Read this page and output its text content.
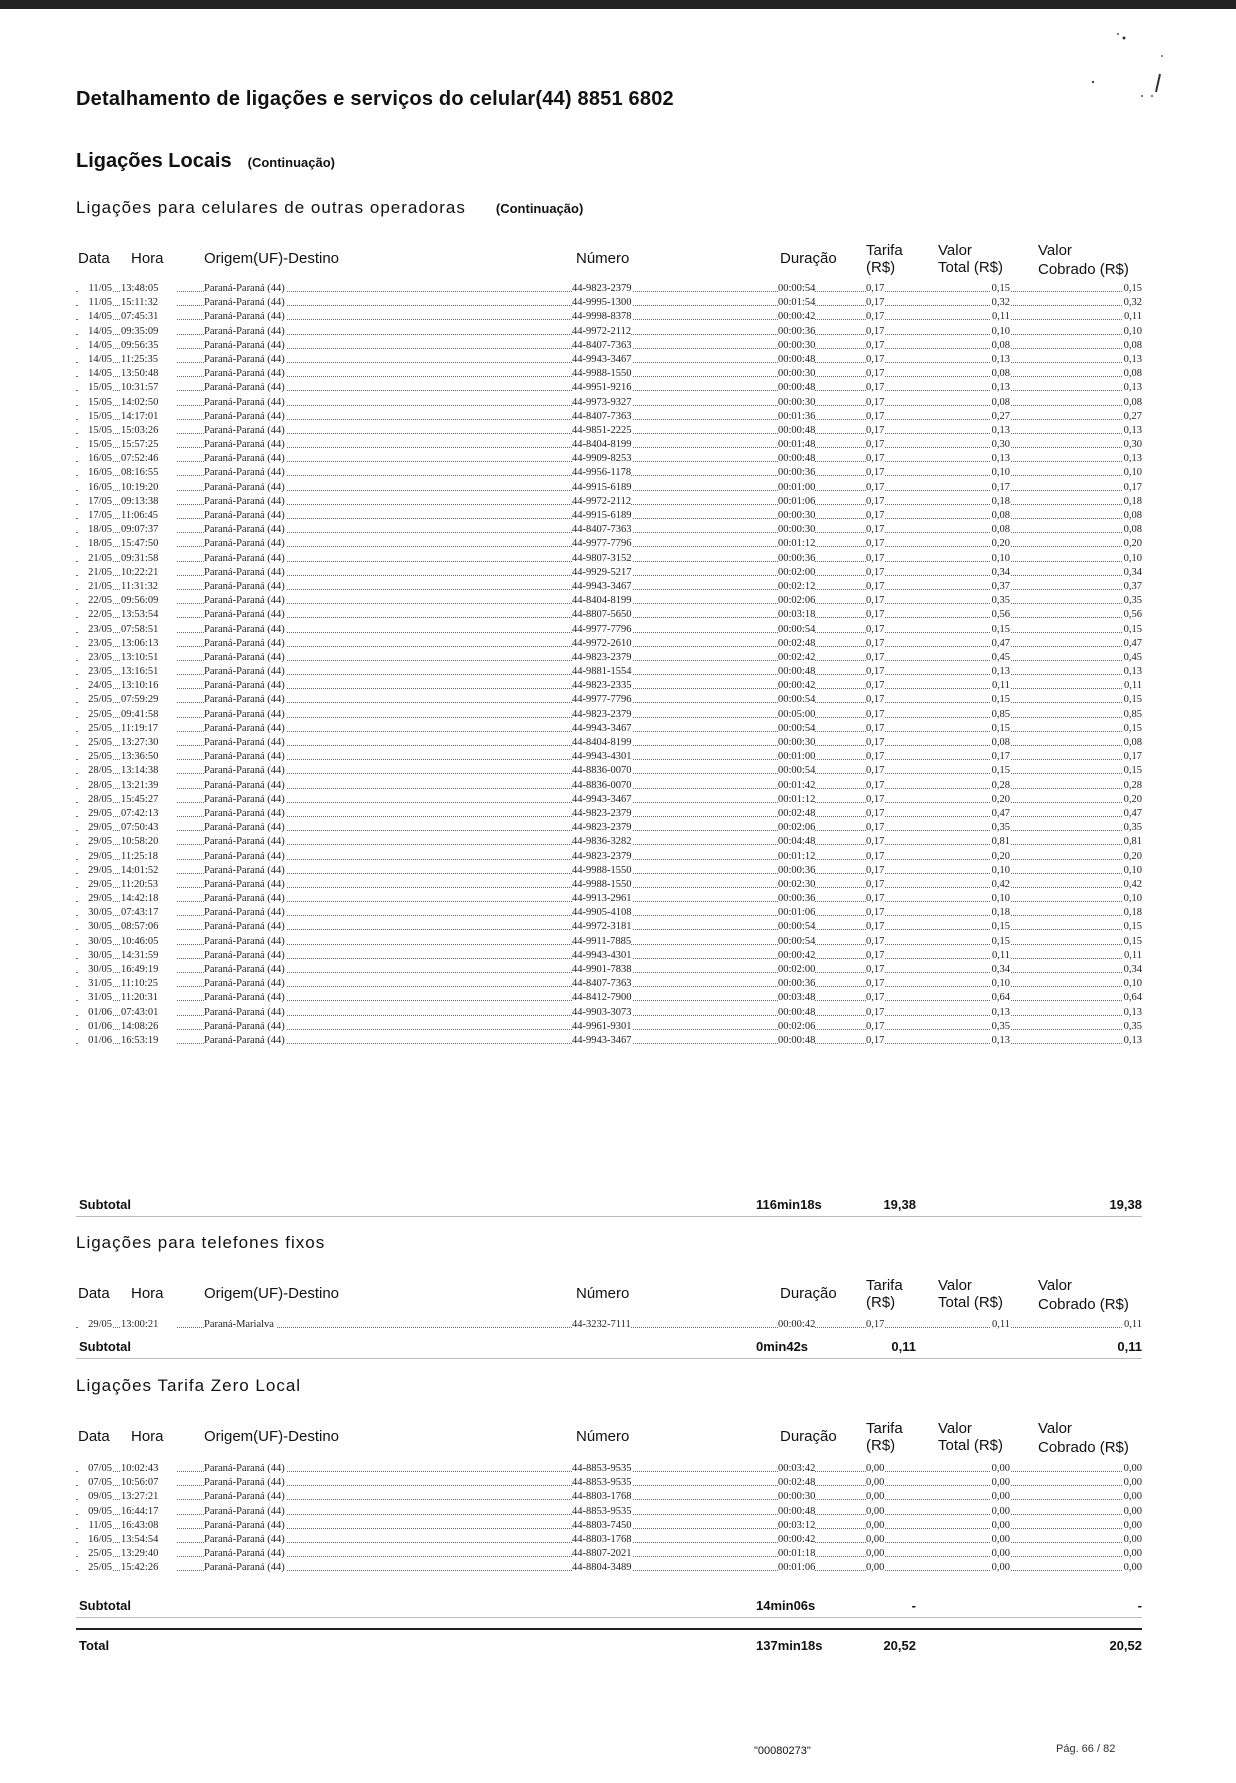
Detalhamento de ligações e serviços do celular(44) 8851 6802
Ligações Locais (Continuação)
Ligações para celulares de outras operadoras (Continuação)
Data Hora	Origem(UF)-Destino	Número	Duração Tarifa
(R$)
Valor
Total (R$)
Valor
Cobrado (R$)
11/05 13:48:05	Paraná-Paraná (44)	44-9823-2379	00:00:54	0,17	0,15	0,15
11/05 15:11:32	Paraná-Paraná (44)	44-9995-1300	00:01:54	0,17	0,32	0,32
14/05 07:45:31	Paraná-Paraná (44)	44-9998-8378	00:00:42	0,17	0,11	0,11
14/05 09:35:09	Paraná-Paraná (44)	44-9972-2112	00:00:36	0,17	0,10	0,10
14/05 09:56:35	Paraná-Paraná (44)	44-8407-7363	00:00:30	0,17	0,08	0,08
14/05 11:25:35	Paraná-Paraná (44)	44-9943-3467	00:00:48	0,17	0,13	0,13
14/05 13:50:48	Paraná-Paraná (44)	44-9988-1550	00:00:30	0,17	0,08	0,08
15/05 10:31:57	Paraná-Paraná (44)	44-9951-9216	00:00:48	0,17	0,13	0,13
15/05 14:02:50	Paraná-Paraná (44)	44-9973-9327	00:00:30	0,17	0,08	0,08
15/05 14:17:01	Paraná-Paraná (44)	44-8407-7363	00:01:36	0,17	0,27	0,27
15/05 15:03:26	Paraná-Paraná (44)	44-9851-2225	00:00:48	0,17	0,13	0,13
15/05 15:57:25	Paraná-Paraná (44)	44-8404-8199	00:01:48	0,17	0,30	0,30
16/05 07:52:46	Paraná-Paraná (44)	44-9909-8253	00:00:48	0,17	0,13	0,13
16/05 08:16:55	Paraná-Paraná (44)	44-9956-1178	00:00:36	0,17	0,10	0,10
16/05 10:19:20	Paraná-Paraná (44)	44-9915-6189	00:01:00	0,17	0,17	0,17
17/05 09:13:38	Paraná-Paraná (44)	44-9972-2112	00:01:06	0,17	0,18	0,18
17/05 11:06:45	Paraná-Paraná (44)	44-9915-6189	00:00:30	0,17	0,08	0,08
18/05 09:07:37	Paraná-Paraná (44)	44-8407-7363	00:00:30	0,17	0,08	0,08
18/05 15:47:50	Paraná-Paraná (44)	44-9977-7796	00:01:12	0,17	0,20	0,20
21/05 09:31:58	Paraná-Paraná (44)	44-9807-3152	00:00:36	0,17	0,10	0,10
21/05 10:22:21	Paraná-Paraná (44)	44-9929-5217	00:02:00	0,17	0,34	0,34
21/05 11:31:32	Paraná-Paraná (44)	44-9943-3467	00:02:12	0,17	0,37	0,37
22/05 09:56:09	Paraná-Paraná (44)	44-8404-8199	00:02:06	0,17	0,35	0,35
22/05 13:53:54	Paraná-Paraná (44)	44-8807-5650	00:03:18	0,17	0,56	0,56
23/05 07:58:51	Paraná-Paraná (44)	44-9977-7796	00:00:54	0,17	0,15	0,15
23/05 13:06:13	Paraná-Paraná (44)	44-9972-2610	00:02:48	0,17	0,47	0,47
23/05 13:10:51	Paraná-Paraná (44)	44-9823-2379	00:02:42	0,17	0,45	0,45
23/05 13:16:51	Paraná-Paraná (44)	44-9881-1554	00:00:48	0,17	0,13	0,13
24/05 13:10:16	Paraná-Paraná (44)	44-9823-2335	00:00:42	0,17	0,11	0,11
25/05 07:59:29	Paraná-Paraná (44)	44-9977-7796	00:00:54	0,17	0,15	0,15
25/05 09:41:58	Paraná-Paraná (44)	44-9823-2379	00:05:00	0,17	0,85	0,85
25/05 11:19:17	Paraná-Paraná (44)	44-9943-3467	00:00:54	0,17	0,15	0,15
25/05 13:27:30	Paraná-Paraná (44)	44-8404-8199	00:00:30	0,17	0,08	0,08
25/05 13:36:50	Paraná-Paraná (44)	44-9943-4301	00:01:00	0,17	0,17	0,17
28/05 13:14:38	Paraná-Paraná (44)	44-8836-0070	00:00:54	0,17	0,15	0,15
28/05 13:21:39	Paraná-Paraná (44)	44-8836-0070	00:01:42	0,17	0,28	0,28
28/05 15:45:27	Paraná-Paraná (44)	44-9943-3467	00:01:12	0,17	0,20	0,20
29/05 07:42:13	Paraná-Paraná (44)	44-9823-2379	00:02:48	0,17	0,47	0,47
29/05 07:50:43	Paraná-Paraná (44)	44-9823-2379	00:02:06	0,17	0,35	0,35
29/05 10:58:20	Paraná-Paraná (44)	44-9836-3282	00:04:48	0,17	0,81	0,81
29/05 11:25:18	Paraná-Paraná (44)	44-9823-2379	00:01:12	0,17	0,20	0,20
29/05 14:01:52	Paraná-Paraná (44)	44-9988-1550	00:00:36	0,17	0,10	0,10
29/05 11:20:53	Paraná-Paraná (44)	44-9988-1550	00:02:30	0,17	0,42	0,42
29/05 14:42:18	Paraná-Paraná (44)	44-9913-2961	00:00:36	0,17	0,10	0,10
30/05 07:43:17	Paraná-Paraná (44)	44-9905-4108	00:01:06	0,17	0,18	0,18
30/05 08:57:06	Paraná-Paraná (44)	44-9972-3181	00:00:54	0,17	0,15	0,15
30/05 10:46:05	Paraná-Paraná (44)	44-9911-7885	00:00:54	0,17	0,15	0,15
30/05 14:31:59	Paraná-Paraná (44)	44-9943-4301	00:00:42	0,17	0,11	0,11
30/05 16:49:19	Paraná-Paraná (44)	44-9901-7838	00:02:00	0,17	0,34	0,34
31/05 11:10:25	Paraná-Paraná (44)	44-8407-7363	00:00:36	0,17	0,10	0,10
31/05 11:20:31	Paraná-Paraná (44)	44-8412-7900	00:03:48	0,17	0,64	0,64
01/06 07:43:01	Paraná-Paraná (44)	44-9903-3073	00:00:48	0,17	0,13	0,13
01/06 14:08:26	Paraná-Paraná (44)	44-9961-9301	00:02:06	0,17	0,35	0,35
01/06 16:53:19	Paraná-Paraná (44)	44-9943-3467	00:00:48	0,17	0,13	0,13
Subtotal	116min18s	19,38	19,38
Ligações para telefones fixos
Data Hora	Origem(UF)-Destino	Número	Duração Tarifa
(R$)
Valor
Total (R$)
Valor
Cobrado (R$)
29/05 13:00:21	Paraná-Marialva	44-3232-7111	00:00:42	0,17	0,11	0,11
Subtotal	0min42s	0,11	0,11
Ligações Tarifa Zero Local
Data Hora	Origem(UF)-Destino	Número	Duração Tarifa
(R$)
Valor
Total (R$)
Valor
Cobrado (R$)
07/05 10:02:43	Paraná-Paraná (44)	44-8853-9535	00:03:42	0,00	0,00	0,00
07/05 10:56:07	Paraná-Paraná (44)	44-8853-9535	00:02:48	0,00	0,00	0,00
09/05 13:27:21	Paraná-Paraná (44)	44-8803-1768	00:00:30	0,00	0,00	0,00
09/05 16:44:17	Paraná-Paraná (44)	44-8853-9535	00:00:48	0,00	0,00	0,00
11/05 16:43:08	Paraná-Paraná (44)	44-8803-7450	00:03:12	0,00	0,00	0,00
16/05 13:54:54	Paraná-Paraná (44)	44-8803-1768	00:00:42	0,00	0,00	0,00
25/05 13:29:40	Paraná-Paraná (44)	44-8807-2021	00:01:18	0,00	0,00	0,00
25/05 15:42:26	Paraná-Paraná (44)	44-8804-3489	00:01:06	0,00	0,00	0,00
Subtotal	14min06s	-	-
Total	137min18s	20,52	20,52
"00080273"	Pág. 66 / 82
